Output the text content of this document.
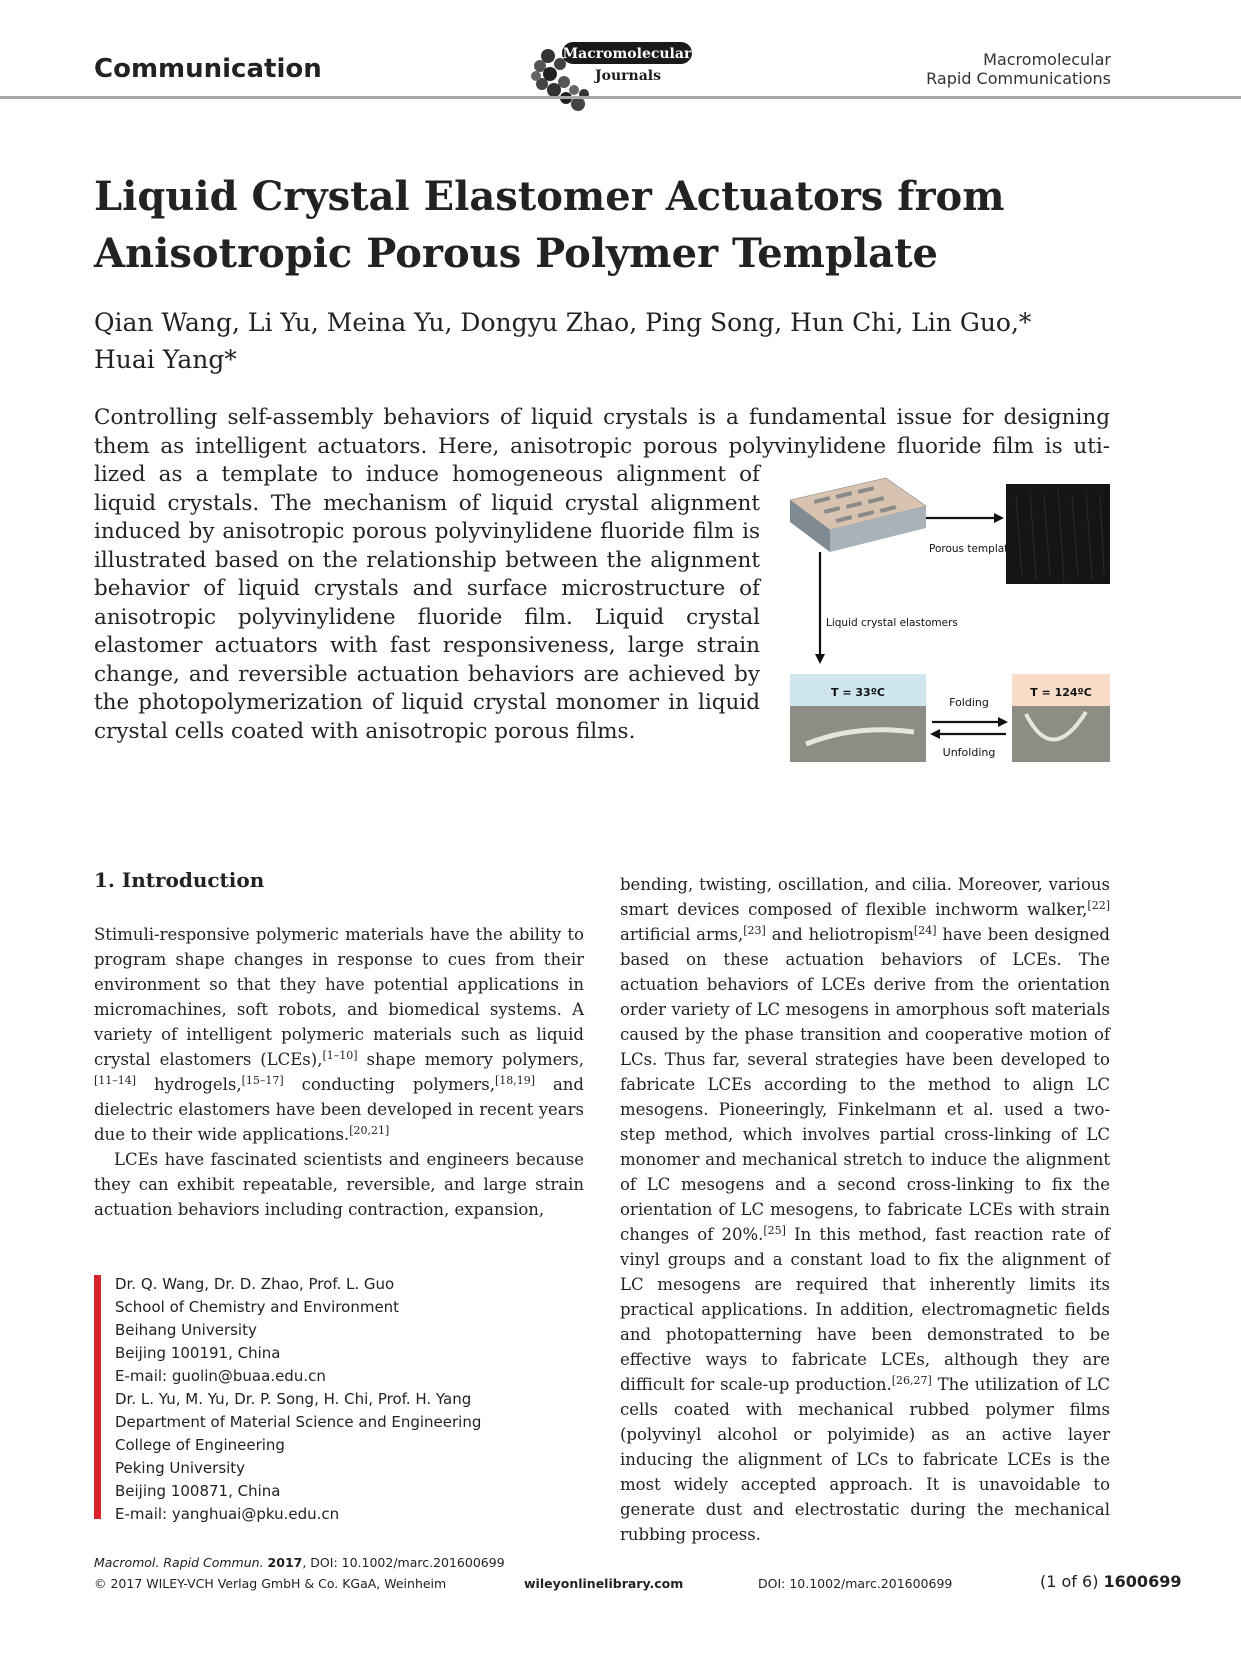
Communication	Macromolecular
Journals
Macromolecular
Rapid Communications
Liquid Crystal Elastomer Actuators from
Anisotropic Porous Polymer Template
Qian Wang, Li Yu, Meina Yu, Dongyu Zhao, Ping Song, Hun Chi, Lin Guo,*
Huai Yang*
Controlling self-assembly behaviors of liquid crystals is a fundamental issue for designing
them as intelligent actuators. Here, anisotropic porous polyvinylidene fluoride film is uti-
lized as a template to induce homogeneous alignment of liquid crystals. The mechanism of liquid crystal alignment induced by anisotropic porous polyvinylidene fluoride film is illustrated based on the relationship between the alignment behavior of liquid crystals and surface microstructure of anisotropic polyvinylidene fluoride film. Liquid crystal elastomer actuators with fast responsiveness, large strain change, and reversible actuation behaviors are achieved by the photopolymerization of liquid crystal monomer in liquid crystal cells coated with anisotropic porous films.
Porous template
Liquid crystal elastomers
T = 33ºC	T = 124ºC
Folding
Unfolding
1. Introduction

Stimuli-responsive polymeric materials have the ability to program shape changes in response to cues from their environment so that they have potential applications in micromachines, soft robots, and biomedical systems. A variety of intelligent polymeric materials such as liquid crystal elastomers (LCEs),[1–10] shape memory polymers,[11–14] hydrogels,[15–17] conducting polymers,[18,19] and dielectric elastomers have been developed in recent years due to their wide applications.[20,21]

LCEs have fascinated scientists and engineers because they can exhibit repeatable, reversible, and large strain actuation behaviors including contraction, expansion,

bending, twisting, oscillation, and cilia. Moreover, various smart devices composed of flexible inchworm walker,[22] artificial arms,[23] and heliotropism[24] have been designed based on these actuation behaviors of LCEs. The actuation behaviors of LCEs derive from the orientation order variety of LC mesogens in amorphous soft materials caused by the phase transition and cooperative motion of LCs. Thus far, several strategies have been developed to fabricate LCEs according to the method to align LC mesogens. Pioneeringly, Finkelmann et al. used a two-step method, which involves partial cross-linking of LC monomer and mechanical stretch to induce the alignment of LC mesogens and a second cross-linking to fix the orientation of LC mesogens, to fabricate LCEs with strain changes of 20%.[25] In this method, fast reaction rate of vinyl groups and a constant load to fix the alignment of LC mesogens are required that inherently limits its practical applications. In addition, electromagnetic fields and photopatterning have been demonstrated to be effective ways to fabricate LCEs, although they are difficult for scale-up production.[26,27] The utilization of LC cells coated with mechanical rubbed polymer films (polyvinyl alcohol or polyimide) as an active layer inducing the alignment of LCs to fabricate LCEs is the most widely accepted approach. It is unavoidable to generate dust and electrostatic during the mechanical rubbing process.

Dr. Q. Wang, Dr. D. Zhao, Prof. L. Guo
School of Chemistry and Environment
Beihang University
Beijing 100191, China
E-mail: guolin@buaa.edu.cn
Dr. L. Yu, M. Yu, Dr. P. Song, H. Chi, Prof. H. Yang
Department of Material Science and Engineering
College of Engineering
Peking University
Beijing 100871, China
E-mail: yanghuai@pku.edu.cn
Macromol. Rapid Commun. 2017, DOI: 10.1002/marc.201600699
© 2017 WILEY-VCH Verlag GmbH & Co. KGaA, Weinheim	wileyonlinelibrary.com	DOI: 10.1002/marc.201600699	(1 of 6) 1600699
